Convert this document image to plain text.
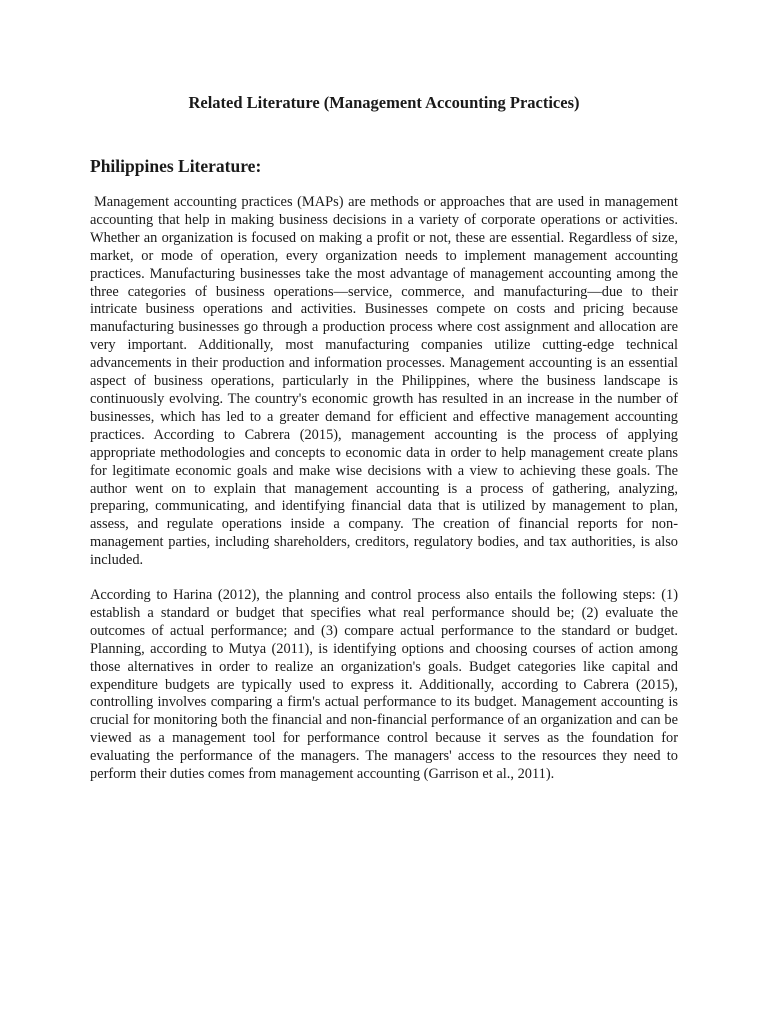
Related Literature (Management Accounting Practices)
Philippines Literature:

Management accounting practices (MAPs) are methods or approaches that are used in management accounting that help in making business decisions in a variety of corporate operations or activities. Whether an organization is focused on making a profit or not, these are essential. Regardless of size, market, or mode of operation, every organization needs to implement management accounting practices. Manufacturing businesses take the most advantage of management accounting among the three categories of business operations—service, commerce, and manufacturing—due to their intricate business operations and activities. Businesses compete on costs and pricing because manufacturing businesses go through a production process where cost assignment and allocation are very important. Additionally, most manufacturing companies utilize cutting-edge technical advancements in their production and information processes. Management accounting is an essential aspect of business operations, particularly in the Philippines, where the business landscape is continuously evolving. The country's economic growth has resulted in an increase in the number of businesses, which has led to a greater demand for efficient and effective management accounting practices. According to Cabrera (2015), management accounting is the process of applying appropriate methodologies and concepts to economic data in order to help management create plans for legitimate economic goals and make wise decisions with a view to achieving these goals. The author went on to explain that management accounting is a process of gathering, analyzing, preparing, communicating, and identifying financial data that is utilized by management to plan, assess, and regulate operations inside a company. The creation of financial reports for non-management parties, including shareholders, creditors, regulatory bodies, and tax authorities, is also included.

According to Harina (2012), the planning and control process also entails the following steps: (1) establish a standard or budget that specifies what real performance should be; (2) evaluate the outcomes of actual performance; and (3) compare actual performance to the standard or budget. Planning, according to Mutya (2011), is identifying options and choosing courses of action among those alternatives in order to realize an organization's goals. Budget categories like capital and expenditure budgets are typically used to express it. Additionally, according to Cabrera (2015), controlling involves comparing a firm's actual performance to its budget. Management accounting is crucial for monitoring both the financial and non-financial performance of an organization and can be viewed as a management tool for performance control because it serves as the foundation for evaluating the performance of the managers. The managers' access to the resources they need to perform their duties comes from management accounting (Garrison et al., 2011).
